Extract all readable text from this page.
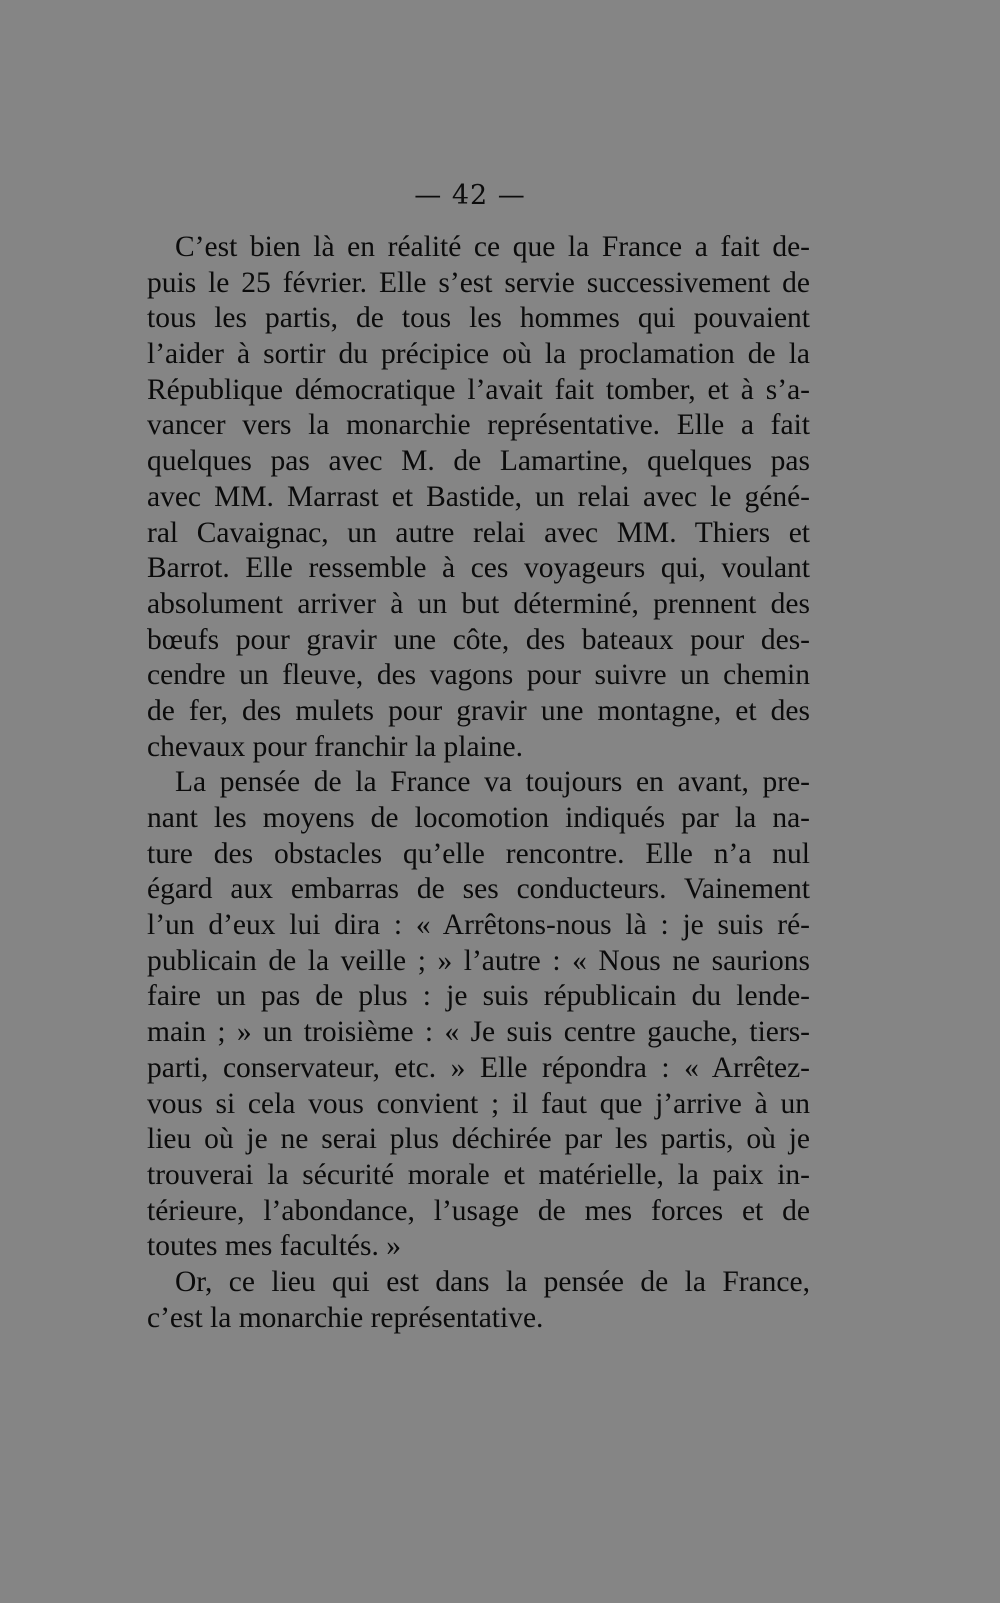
— 42 —
C’est bien là en réalité ce que la France a fait de-
puis le 25 février. Elle s’est servie successivement de
tous les partis, de tous les hommes qui pouvaient
l’aider à sortir du précipice où la proclamation de la
République démocratique l’avait fait tomber, et à s’a-
vancer vers la monarchie représentative. Elle a fait
quelques pas avec M. de Lamartine, quelques pas
avec MM. Marrast et Bastide, un relai avec le géné-
ral Cavaignac, un autre relai avec MM. Thiers et
Barrot. Elle ressemble à ces voyageurs qui, voulant
absolument arriver à un but déterminé, prennent des
bœufs pour gravir une côte, des bateaux pour des-
cendre un fleuve, des vagons pour suivre un chemin
de fer, des mulets pour gravir une montagne, et des
chevaux pour franchir la plaine.
La pensée de la France va toujours en avant, pre-
nant les moyens de locomotion indiqués par la na-
ture des obstacles qu’elle rencontre. Elle n’a nul
égard aux embarras de ses conducteurs. Vainement
l’un d’eux lui dira : « Arrêtons-nous là : je suis ré-
publicain de la veille ; » l’autre : « Nous ne saurions
faire un pas de plus : je suis républicain du lende-
main ; » un troisième : « Je suis centre gauche, tiers-
parti, conservateur, etc. » Elle répondra : « Arrêtez-
vous si cela vous convient ; il faut que j’arrive à un
lieu où je ne serai plus déchirée par les partis, où je
trouverai la sécurité morale et matérielle, la paix in-
térieure, l’abondance, l’usage de mes forces et de
toutes mes facultés. »
Or, ce lieu qui est dans la pensée de la France,
c’est la monarchie représentative.
